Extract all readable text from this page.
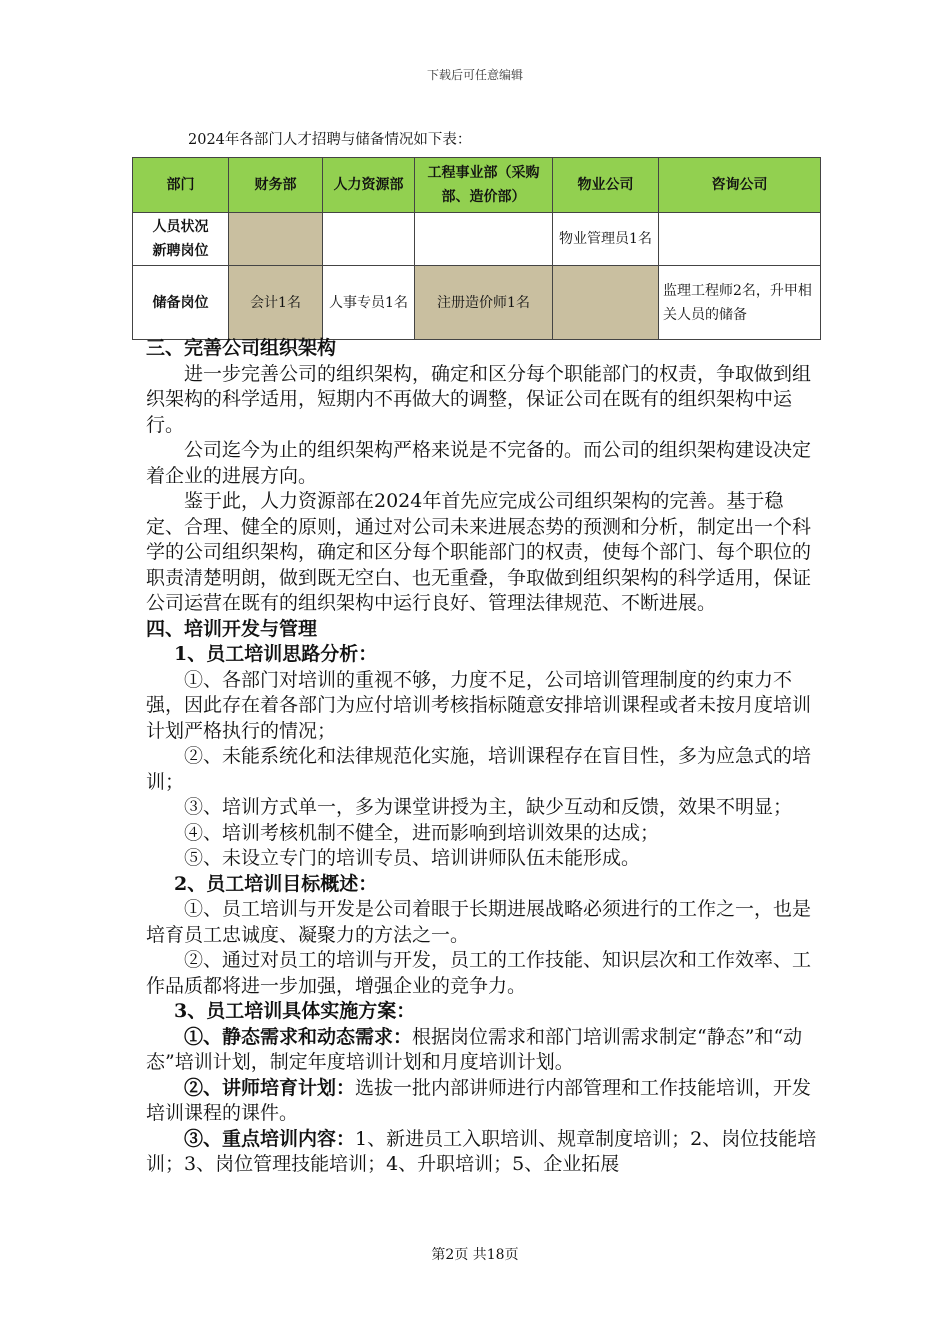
下载后可任意编辑
2024年各部门人才招聘与储备情况如下表：
部门	财务部	人力资源部	工程事业部（采购部、造价部）	物业公司	咨询公司

人员状况
新聘岗位				物业管理员1名	
储备岗位	会计1名	人事专员1名	注册造价师1名		监理工程师2名，升甲相关人员的储备

三、完善公司组织架构

进一步完善公司的组织架构，确定和区分每个职能部门的权责，争取做到组织架构的科学适用，短期内不再做大的调整，保证公司在既有的组织架构中运行。

公司迄今为止的组织架构严格来说是不完备的。而公司的组织架构建设决定着企业的进展方向。

鉴于此，人力资源部在2024年首先应完成公司组织架构的完善。基于稳定、合理、健全的原则，通过对公司未来进展态势的预测和分析，制定出一个科学的公司组织架构，确定和区分每个职能部门的权责，使每个部门、每个职位的职责清楚明朗，做到既无空白、也无重叠，争取做到组织架构的科学适用，保证公司运营在既有的组织架构中运行良好、管理法律规范、不断进展。

四、培训开发与管理

1、员工培训思路分析：

①、各部门对培训的重视不够，力度不足，公司培训管理制度的约束力不强，因此存在着各部门为应付培训考核指标随意安排培训课程或者未按月度培训计划严格执行的情况；

②、未能系统化和法律规范化实施，培训课程存在盲目性，多为应急式的培训；

③、培训方式单一，多为课堂讲授为主，缺少互动和反馈，效果不明显；

④、培训考核机制不健全，进而影响到培训效果的达成；

⑤、未设立专门的培训专员、培训讲师队伍未能形成。

2、员工培训目标概述：

①、员工培训与开发是公司着眼于长期进展战略必须进行的工作之一，也是培育员工忠诚度、凝聚力的方法之一。

②、通过对员工的培训与开发，员工的工作技能、知识层次和工作效率、工作品质都将进一步加强，增强企业的竞争力。

3、员工培训具体实施方案：

①、静态需求和动态需求：根据岗位需求和部门培训需求制定“静态”和“动态”培训计划，制定年度培训计划和月度培训计划。

②、讲师培育计划：选拔一批内部讲师进行内部管理和工作技能培训，开发培训课程的课件。

③、重点培训内容：1、新进员工入职培训、规章制度培训；2、岗位技能培训；3、岗位管理技能培训；4、升职培训；5、企业拓展

第2页 共18页
